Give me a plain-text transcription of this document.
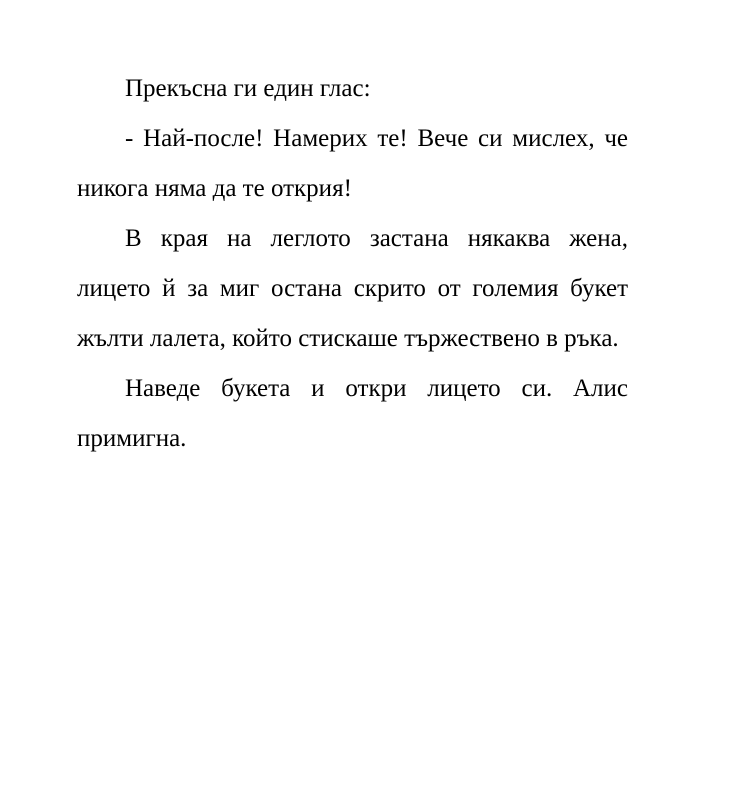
Прекъсна ги един глас:

- Най-после! Намерих те! Вече си мислех, че никога няма да те открия!

В края на леглото застана някаква жена, лицето й за миг остана скрито от големия букет жълти лалета, който стискаше тържествено в ръка.

Наведе букета и откри лицето си. Алис примигна.
